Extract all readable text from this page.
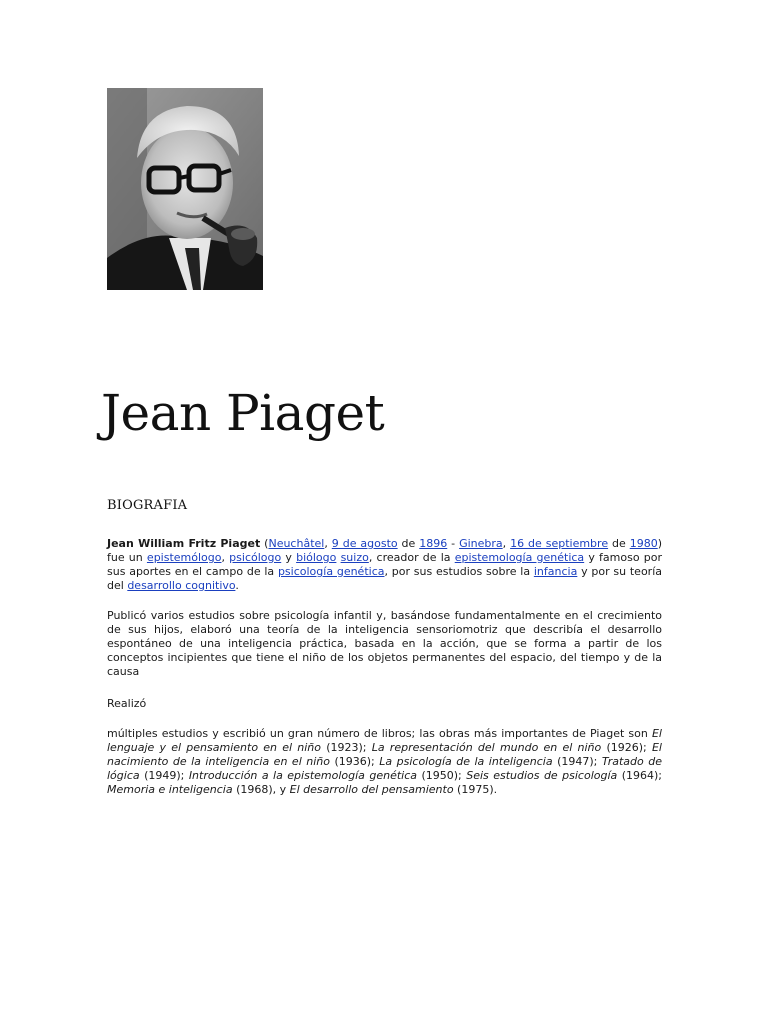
Jean Piaget
BIOGRAFIA

Jean William Fritz Piaget (Neuchâtel, 9 de agosto de 1896 - Ginebra, 16 de septiembre de 1980) fue un epistemólogo, psicólogo y biólogo suizo, creador de la epistemología genética y famoso por sus aportes en el campo de la psicología genética, por sus estudios sobre la infancia y por su teoría del desarrollo cognitivo.

Publicó varios estudios sobre psicología infantil y, basándose fundamentalmente en el crecimiento de sus hijos, elaboró una teoría de la inteligencia sensoriomotriz que describía el desarrollo espontáneo de una inteligencia práctica, basada en la acción, que se forma a partir de los conceptos incipientes que tiene el niño de los objetos permanentes del espacio, del tiempo y de la causa

Realizó

múltiples estudios y escribió un gran número de libros; las obras más importantes de Piaget son El lenguaje y el pensamiento en el niño (1923); La representación del mundo en el niño (1926); El nacimiento de la inteligencia en el niño (1936); La psicología de la inteligencia (1947); Tratado de lógica (1949); Introducción a la epistemología genética (1950); Seis estudios de psicología (1964); Memoria e inteligencia (1968), y El desarrollo del pensamiento (1975).
